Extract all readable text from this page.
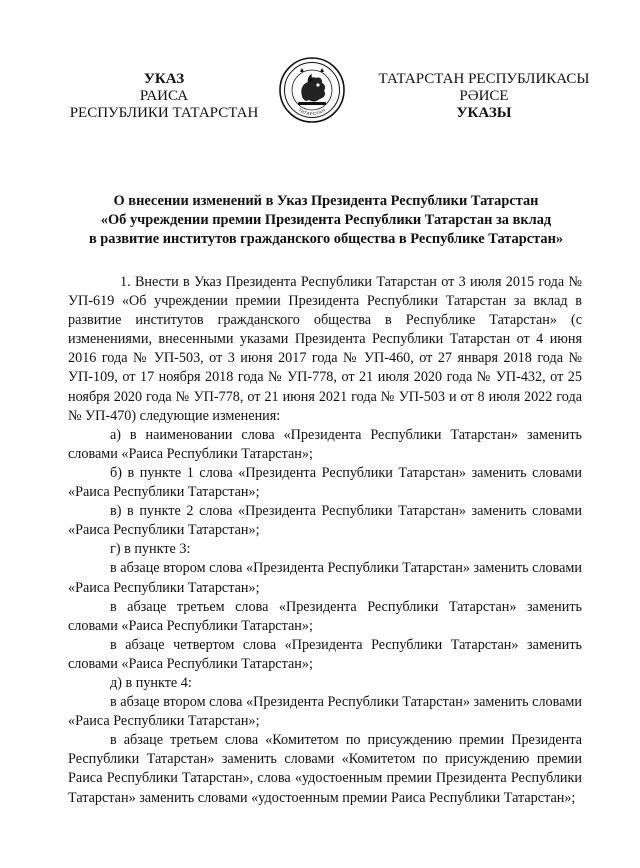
УКАЗ
РАИСА
РЕСПУБЛИКИ ТАТАРСТАН	ТАТАРСТАН
ТАТАРСТАН РЕСПУБЛИКАСЫ
РӘИСЕ
УКАЗЫ
О внесении изменений в Указ Президента Республики Татарстан
«Об учреждении премии Президента Республики Татарстан за вклад
в развитие институтов гражданского общества в Республике Татарстан»

1. Внести в Указ Президента Республики Татарстан от 3 июля 2015 года № УП-619 «Об учреждении премии Президента Республики Татарстан за вклад в развитие институтов гражданского общества в Республике Татарстан» (с изменениями, внесенными указами Президента Республики Татарстан от 4 июня 2016 года № УП-503, от 3 июня 2017 года № УП-460, от 27 января 2018 года № УП-109, от 17 ноября 2018 года № УП-778, от 21 июля 2020 года № УП-432, от 25 ноября 2020 года № УП-778, от 21 июня 2021 года № УП-503 и от 8 июля 2022 года № УП-470) следующие изменения:

а) в наименовании слова «Президента Республики Татарстан» заменить словами «Раиса Республики Татарстан»;

б) в пункте 1 слова «Президента Республики Татарстан» заменить словами «Раиса Республики Татарстан»;

в) в пункте 2 слова «Президента Республики Татарстан» заменить словами «Раиса Республики Татарстан»;

г) в пункте 3:

в абзаце втором слова «Президента Республики Татарстан» заменить словами «Раиса Республики Татарстан»;

в абзаце третьем слова «Президента Республики Татарстан» заменить словами «Раиса Республики Татарстан»;

в абзаце четвертом слова «Президента Республики Татарстан» заменить словами «Раиса Республики Татарстан»;

д) в пункте 4:

в абзаце втором слова «Президента Республики Татарстан» заменить словами «Раиса Республики Татарстан»;

в абзаце третьем слова «Комитетом по присуждению премии Президента Республики Татарстан» заменить словами «Комитетом по присуждению премии Раиса Республики Татарстан», слова «удостоенным премии Президента Республики Татарстан» заменить словами «удостоенным премии Раиса Республики Татарстан»;
